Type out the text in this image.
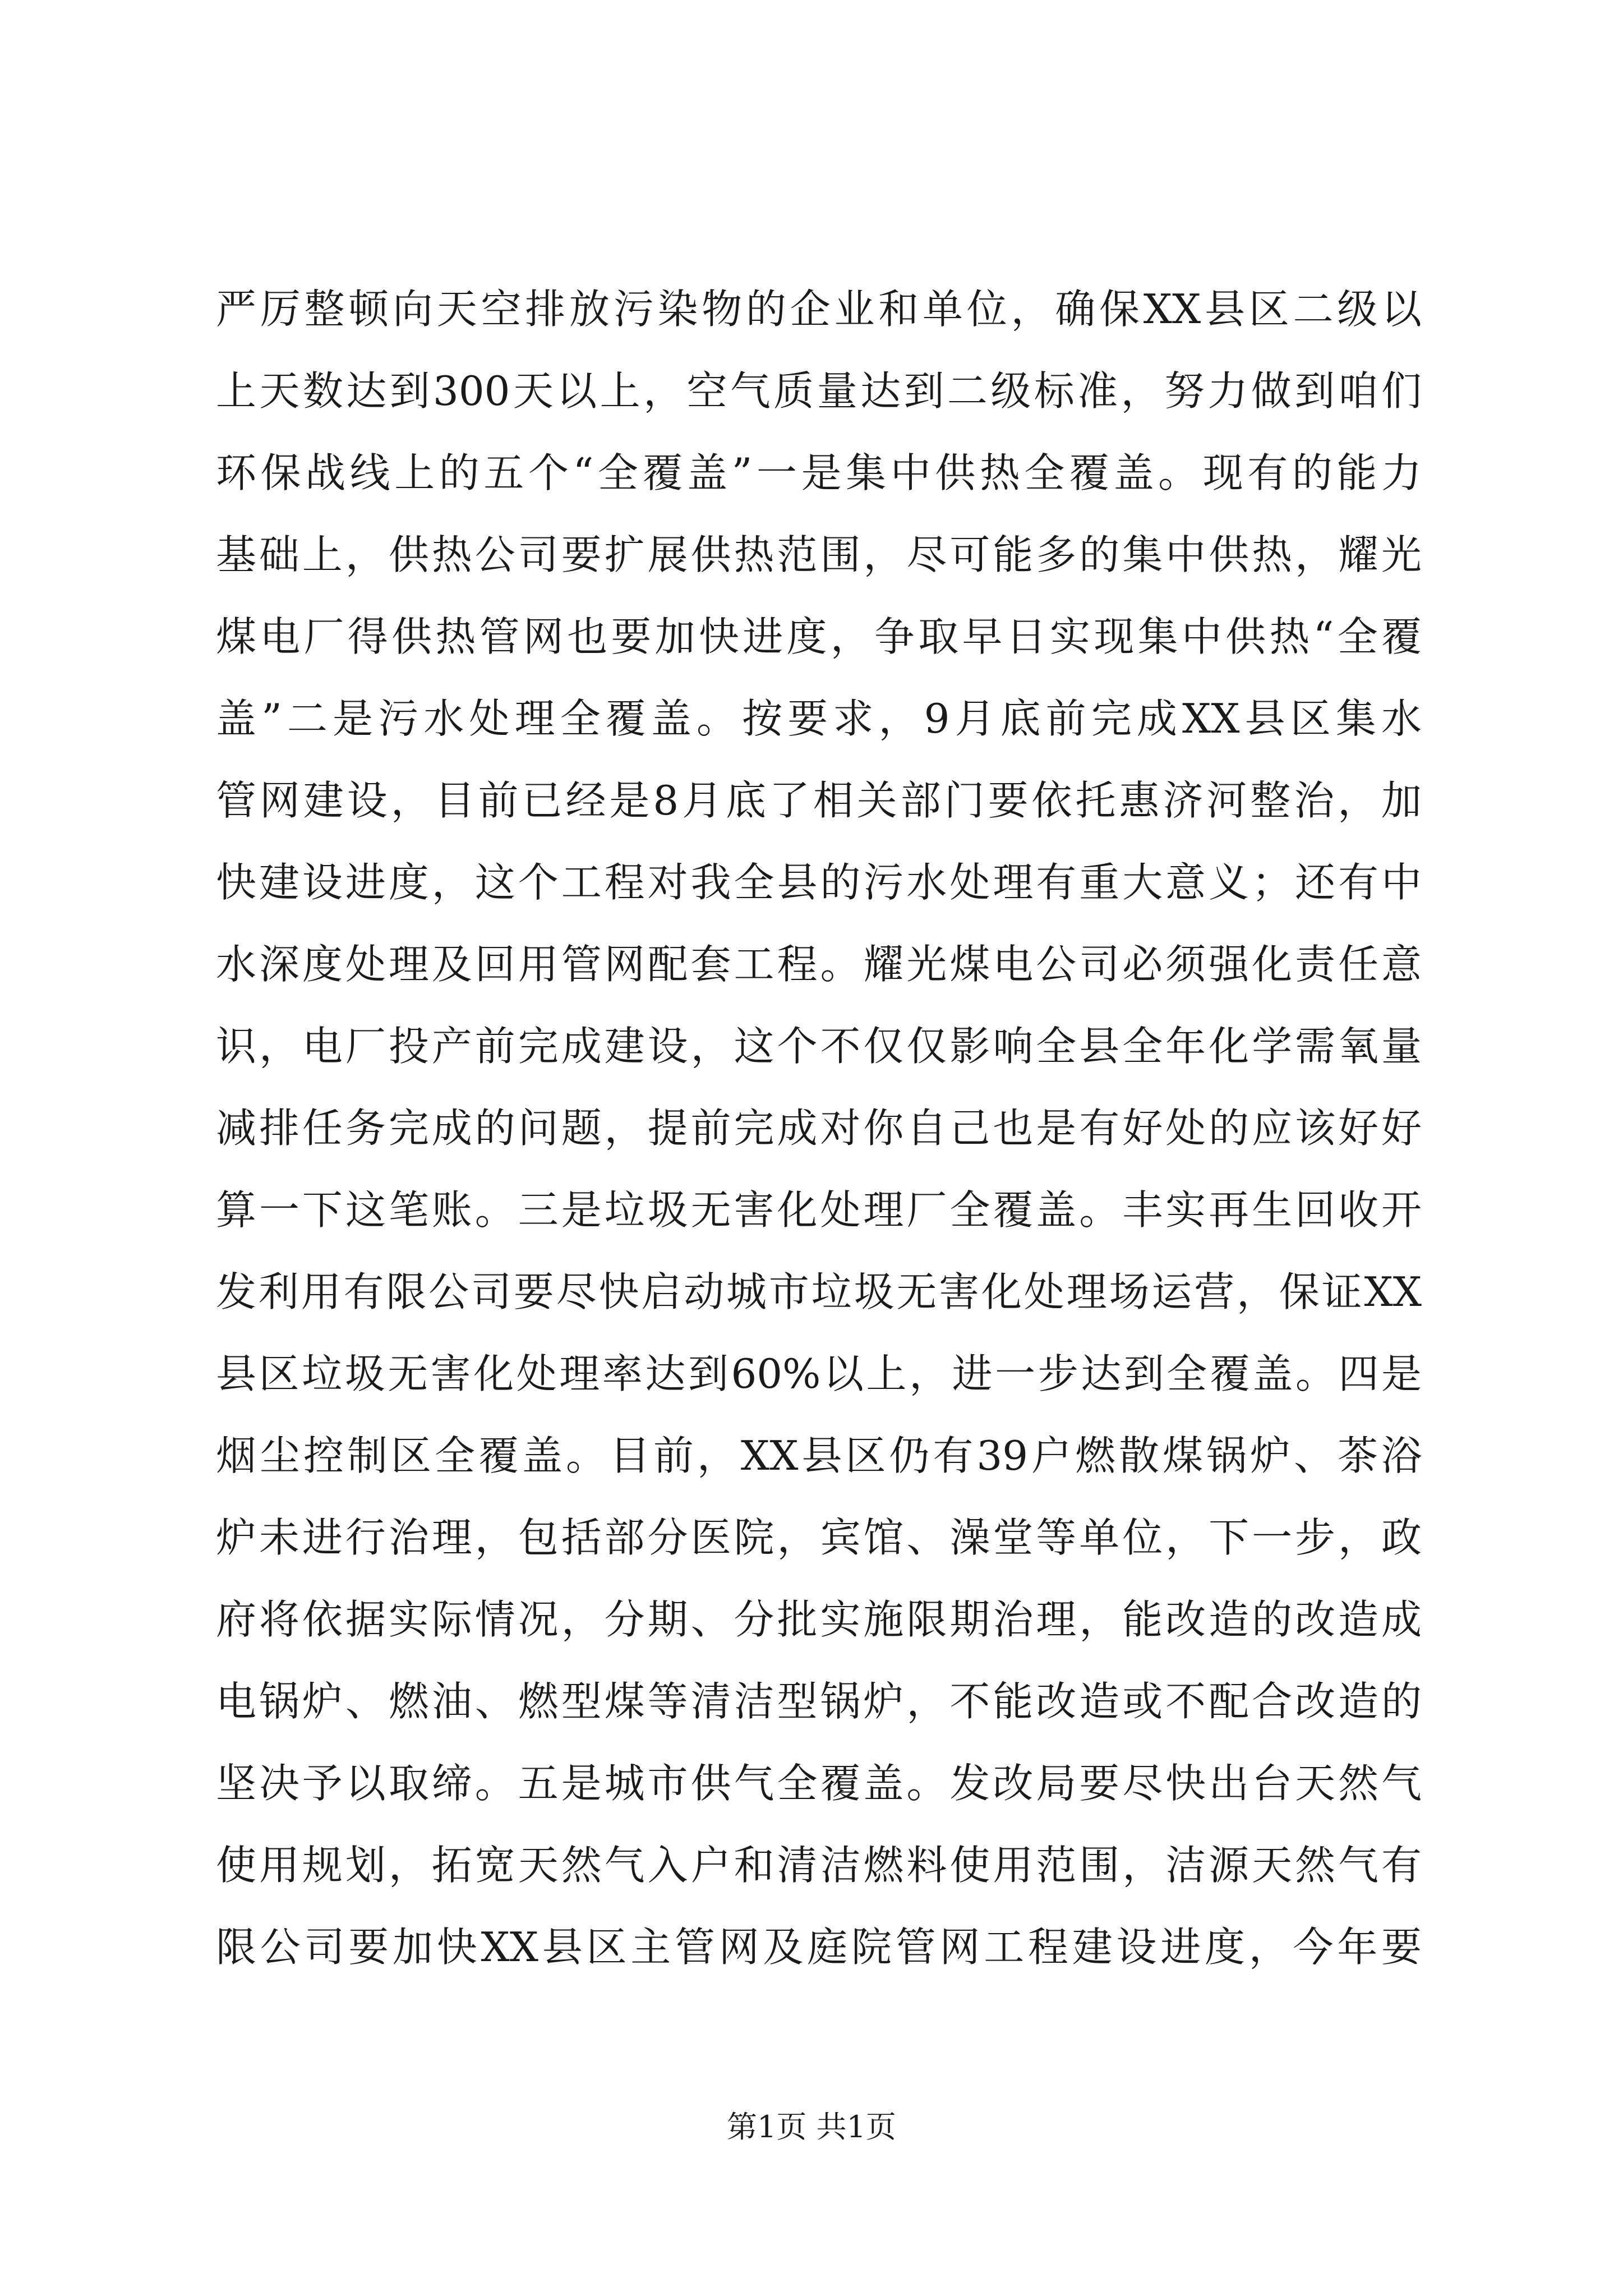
严厉整顿向天空排放污染物的企业和单位，确保XX县区二级以
上天数达到300天以上，空气质量达到二级标准，努力做到咱们
环保战线上的五个“全覆盖”一是集中供热全覆盖。现有的能力
基础上，供热公司要扩展供热范围，尽可能多的集中供热，耀光
煤电厂得供热管网也要加快进度，争取早日实现集中供热“全覆
盖”二是污水处理全覆盖。按要求，9月底前完成XX县区集水
管网建设，目前已经是8月底了相关部门要依托惠济河整治，加
快建设进度，这个工程对我全县的污水处理有重大意义；还有中
水深度处理及回用管网配套工程。耀光煤电公司必须强化责任意
识，电厂投产前完成建设，这个不仅仅影响全县全年化学需氧量
减排任务完成的问题，提前完成对你自己也是有好处的应该好好
算一下这笔账。三是垃圾无害化处理厂全覆盖。丰实再生回收开
发利用有限公司要尽快启动城市垃圾无害化处理场运营，保证XX
县区垃圾无害化处理率达到60%以上，进一步达到全覆盖。四是
烟尘控制区全覆盖。目前，XX县区仍有39户燃散煤锅炉、茶浴
炉未进行治理，包括部分医院，宾馆、澡堂等单位，下一步，政
府将依据实际情况，分期、分批实施限期治理，能改造的改造成
电锅炉、燃油、燃型煤等清洁型锅炉，不能改造或不配合改造的
坚决予以取缔。五是城市供气全覆盖。发改局要尽快出台天然气
使用规划，拓宽天然气入户和清洁燃料使用范围，洁源天然气有
限公司要加快XX县区主管网及庭院管网工程建设进度，今年要
第1页 共1页
